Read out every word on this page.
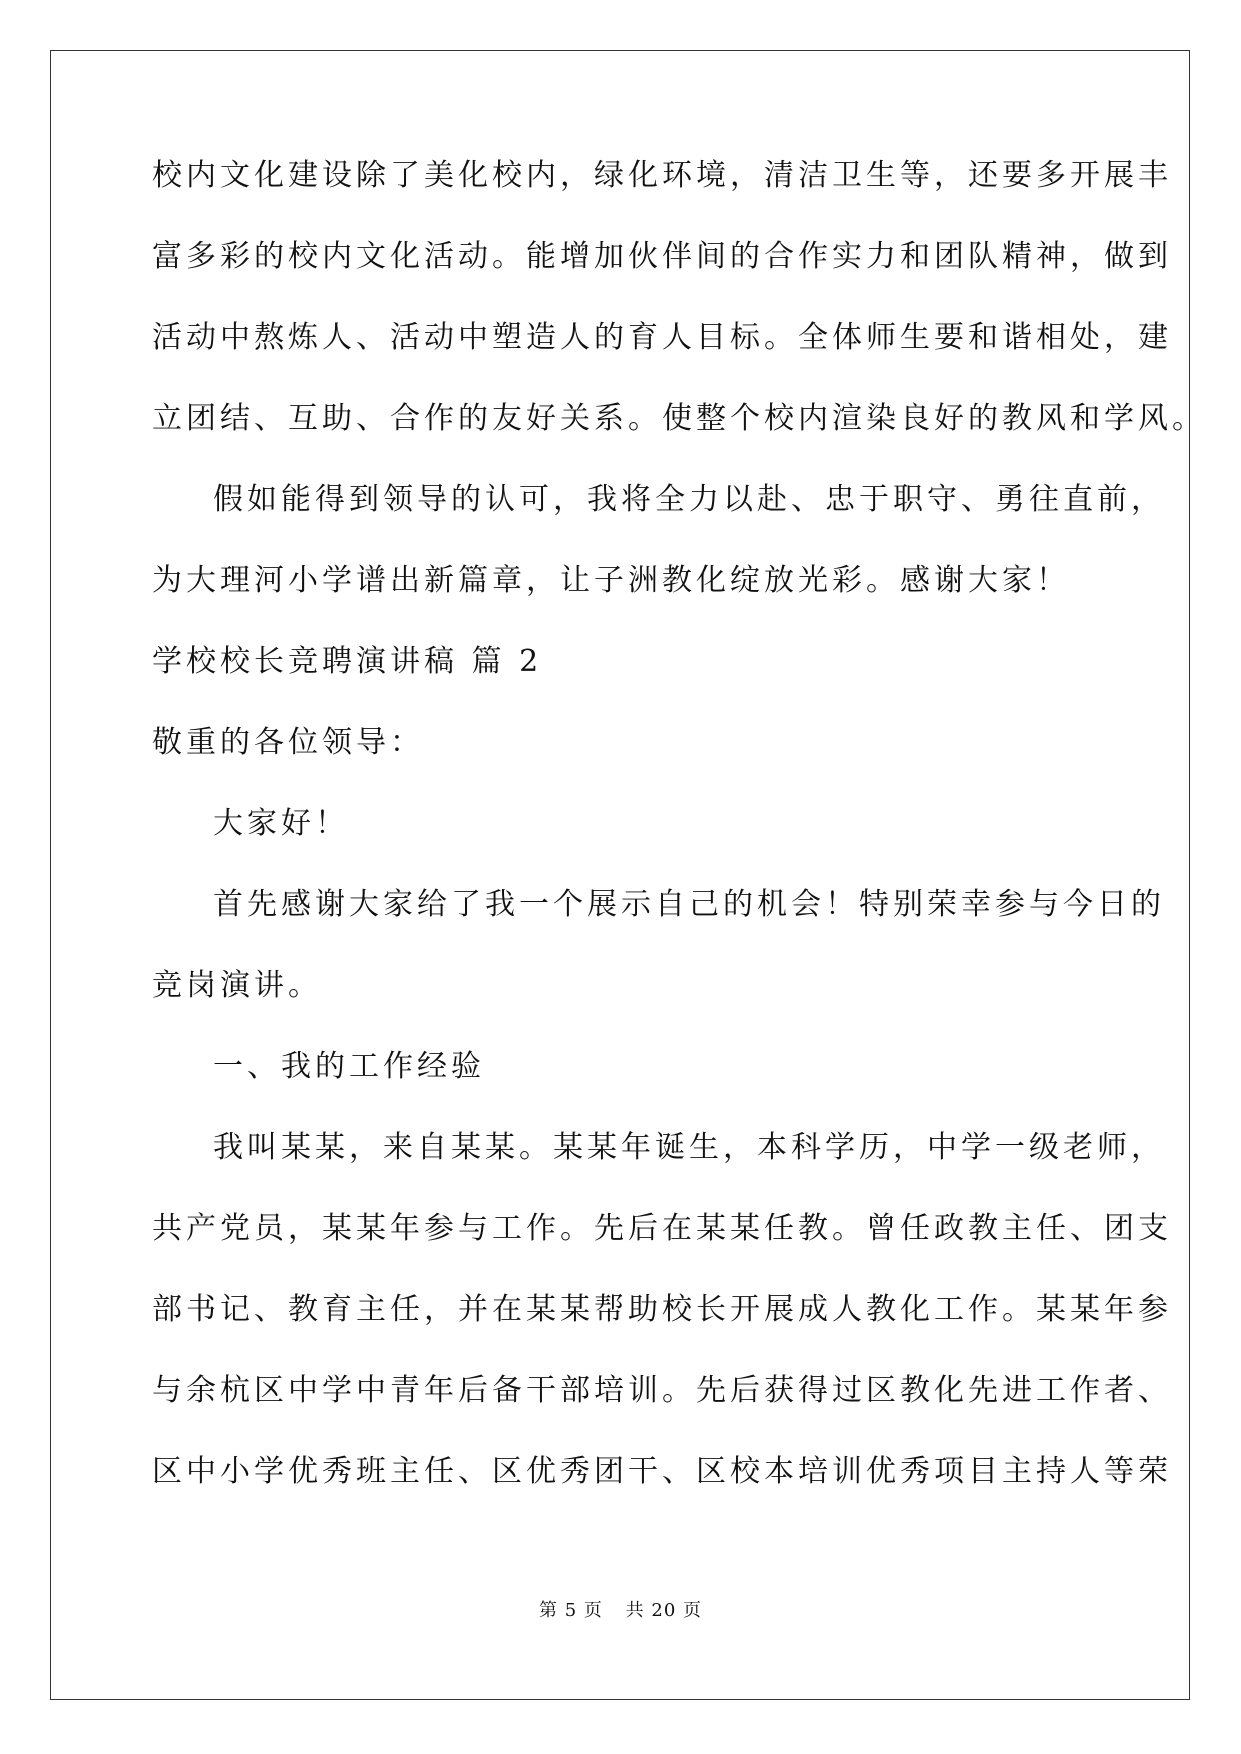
校内文化建设除了美化校内，绿化环境，清洁卫生等，还要多开展丰

富多彩的校内文化活动。能增加伙伴间的合作实力和团队精神，做到

活动中熬炼人、活动中塑造人的育人目标。全体师生要和谐相处，建

立团结、互助、合作的友好关系。使整个校内渲染良好的教风和学风。

假如能得到领导的认可，我将全力以赴、忠于职守、勇往直前，

为大理河小学谱出新篇章，让子洲教化绽放光彩。感谢大家！

学校校长竞聘演讲稿 篇 2

敬重的各位领导：

大家好！

首先感谢大家给了我一个展示自己的机会！特别荣幸参与今日的

竞岗演讲。

一、我的工作经验

我叫某某，来自某某。某某年诞生，本科学历，中学一级老师，

共产党员，某某年参与工作。先后在某某任教。曾任政教主任、团支

部书记、教育主任，并在某某帮助校长开展成人教化工作。某某年参

与余杭区中学中青年后备干部培训。先后获得过区教化先进工作者、

区中小学优秀班主任、区优秀团干、区校本培训优秀项目主持人等荣

第 5 页 共 20 页
